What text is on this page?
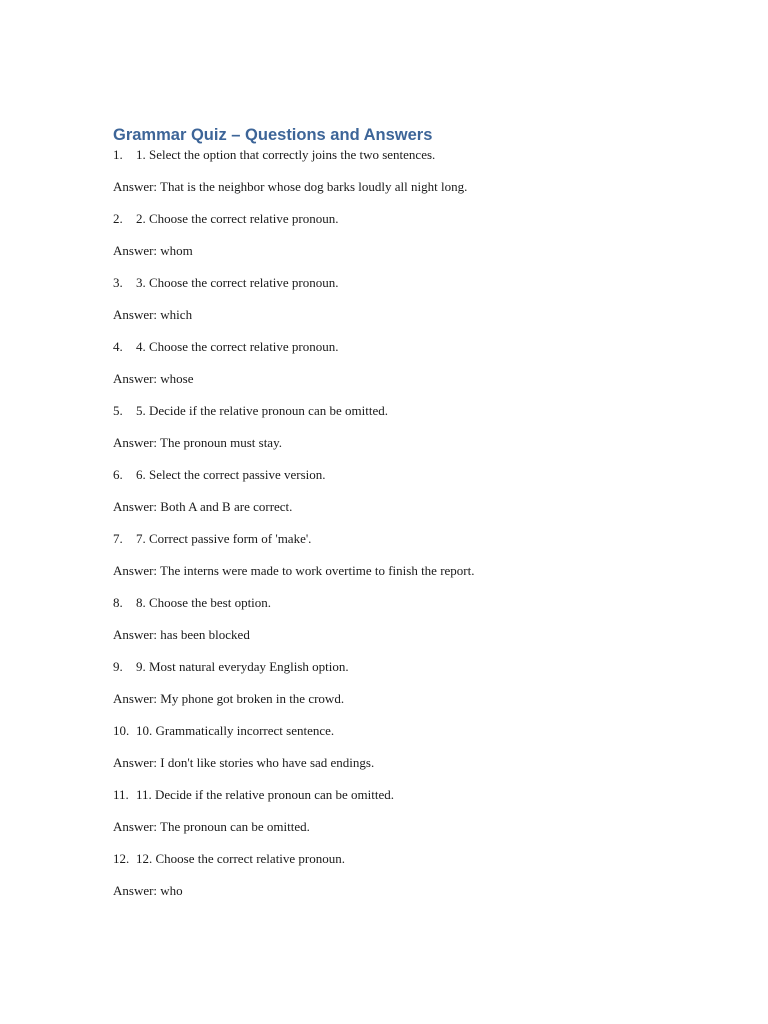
Grammar Quiz – Questions and Answers
1.	1. Select the option that correctly joins the two sentences.
Answer: That is the neighbor whose dog barks loudly all night long.
2.	2. Choose the correct relative pronoun.
Answer: whom
3.	3. Choose the correct relative pronoun.
Answer: which
4.	4. Choose the correct relative pronoun.
Answer: whose
5.	5. Decide if the relative pronoun can be omitted.
Answer: The pronoun must stay.
6.	6. Select the correct passive version.
Answer: Both A and B are correct.
7.	7. Correct passive form of 'make'.
Answer: The interns were made to work overtime to finish the report.
8.	8. Choose the best option.
Answer: has been blocked
9.	9. Most natural everyday English option.
Answer: My phone got broken in the crowd.
10. 10. Grammatically incorrect sentence.
Answer: I don't like stories who have sad endings.
11. 11. Decide if the relative pronoun can be omitted.
Answer: The pronoun can be omitted.
12. 12. Choose the correct relative pronoun.
Answer: who
